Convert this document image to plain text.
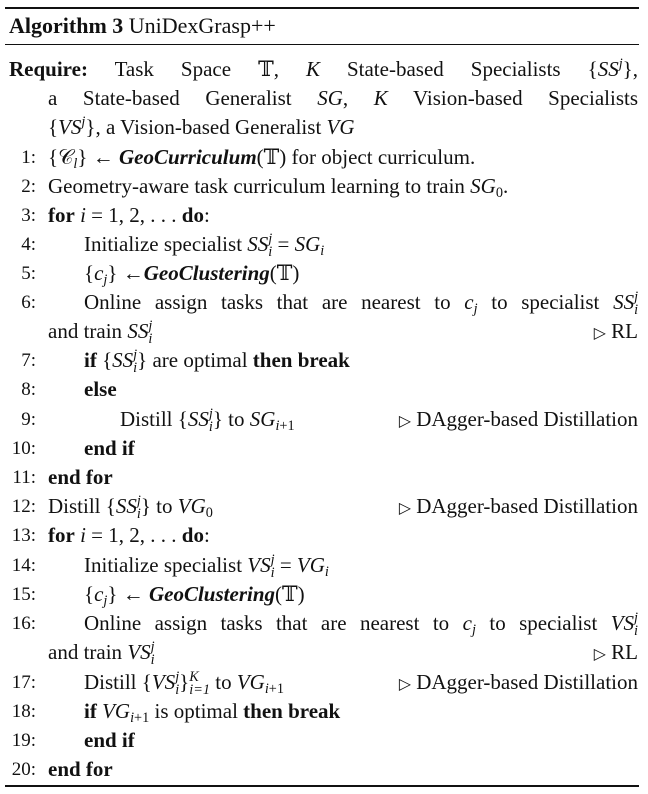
Algorithm 3 UniDexGrasp++
Require: Task Space 𝕋, K State-based Specialists $\{SS^j\}$,
a State-based Generalist SG, K Vision-based Specialists
$\{VS^j\}$, a Vision-based Generalist VG
1: {𝒞$_l$} ← GeoCurriculum(𝕋) for object curriculum.
2: Geometry-aware task curriculum learning to train $SG_0$.
3: for i = 1, 2, . . . do:
4: Initialize specialist SS j
$i = SG_i$
5: $\{c_j\}$ ←GeoClustering(𝕋)
6: Online assign tasks that are nearest to $c_j$ to specialist SS j
i
and train SS j
i	▷ RL
7: if {SS j
i } are optimal then break
8: else
9:	Distill {SS j
i } to $SG_{i+1}$	▷ DAgger-based Distillation
10: end if
11: end for
12: Distill {SS j
i } to $VG_0$	▷ DAgger-based Distillation
13: for i = 1, 2, . . . do:
14: Initialize specialist VS j
$i = VG_i$
15: $\{c_j\}$ ← GeoClustering(𝕋)
16: Online assign tasks that are nearest to $c_j$ to specialist VS j
i
and train VS j
i	▷ RL
17: Distill {VS j
i } K
i=1 to $VG_{i+1}$	▷ DAgger-based Distillation
18: if $VG_{i+1}$ is optimal then break
19: end if
20: end for
